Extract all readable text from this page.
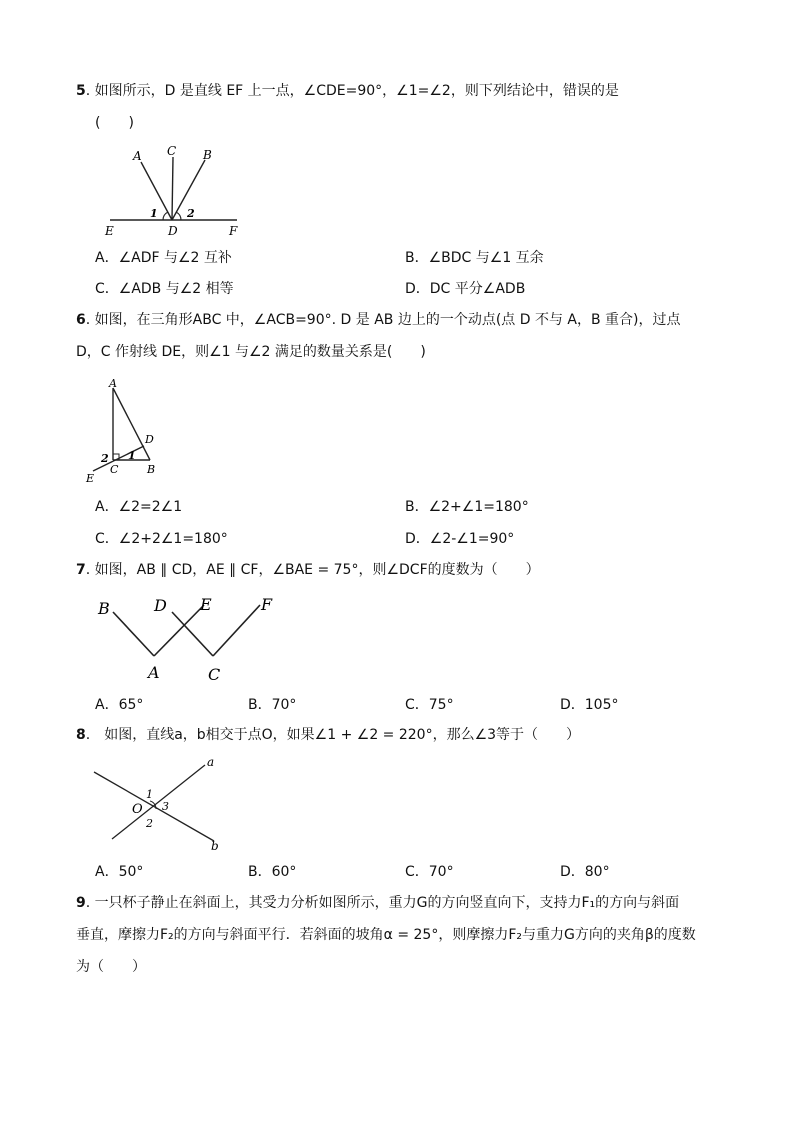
5. 如图所示，D 是直线 EF 上一点，∠CDE=90°，∠1=∠2，则下列结论中，错误的是
(　　)
A C B
E	D	F
1	2
A．∠ADF 与∠2 互补	B．∠BDC 与∠1 互余
C．∠ADB 与∠2 相等	D．DC 平分∠ADB
6. 如图，在三角形ABC 中，∠ACB=90°. D 是 AB 边上的一个动点(点 D 不与 A，B 重合)，过点
D，C 作射线 DE，则∠1 与∠2 满足的数量关系是(　　)
A
D
C	B
E
1
2
A．∠2=2∠1	B．∠2+∠1=180°
C．∠2+2∠1=180°	D．∠2-∠1=90°
7. 如图，AB ∥ CD，AE ∥ CF，∠BAE = 75°，则∠DCF的度数为（　　）
B	D E	F
A	C
A．65°	B．70°	C．75°	D．105°
8.　如图，直线a，b相交于点O，如果∠1 + ∠2 = 220°，那么∠3等于（　　）
a
b
O
1
2
3
A．50°	B．60°	C．70°	D．80°
9. 一只杯子静止在斜面上，其受力分析如图所示，重力G的方向竖直向下，支持力F₁的方向与斜面
垂直，摩擦力F₂的方向与斜面平行．若斜面的坡角α = 25°，则摩擦力F₂与重力G方向的夹角β的度数
为（　　）
